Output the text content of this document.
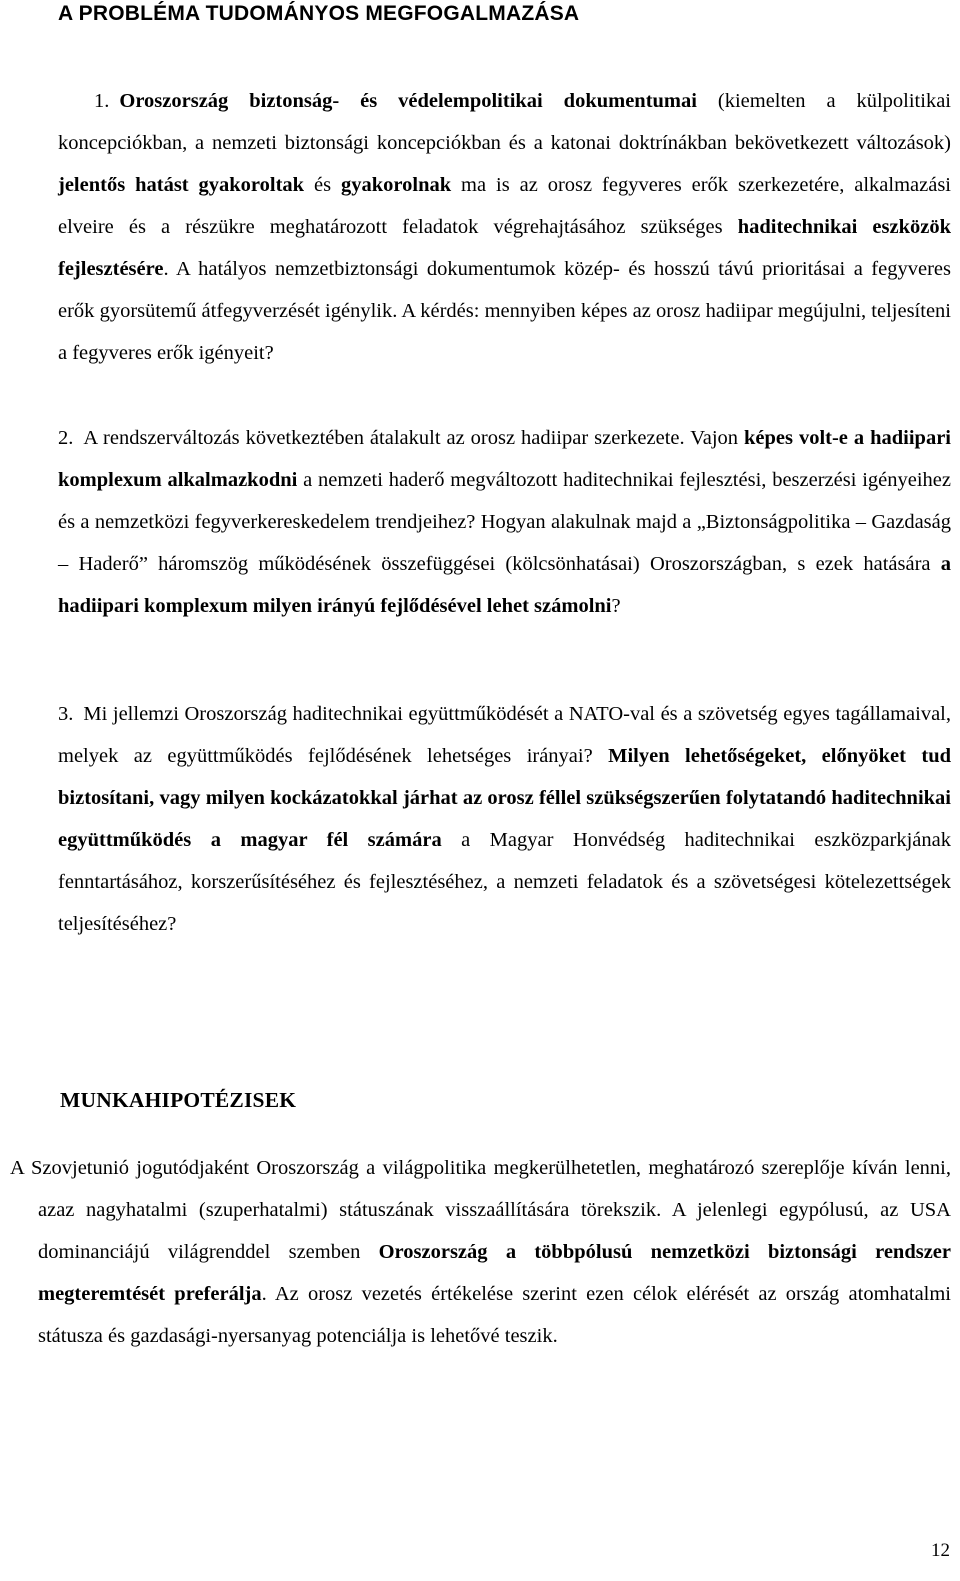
A PROBLÉMA TUDOMÁNYOS MEGFOGALMAZÁSA
1. Oroszország biztonság- és védelempolitikai dokumentumai (kiemelten a külpolitikai koncepciókban, a nemzeti biztonsági koncepciókban és a katonai doktrínákban bekövetkezett változások) jelentős hatást gyakoroltak és gyakorolnak ma is az orosz fegyveres erők szerkezetére, alkalmazási elveire és a részükre meghatározott feladatok végrehajtásához szükséges haditechnikai eszközök fejlesztésére. A hatályos nemzetbiztonsági dokumentumok közép- és hosszú távú prioritásai a fegyveres erők gyorsütemű átfegyverzését igénylik. A kérdés: mennyiben képes az orosz hadiipar megújulni, teljesíteni a fegyveres erők igényeit?
2. A rendszerváltozás következtében átalakult az orosz hadiipar szerkezete. Vajon képes volt-e a hadiipari komplexum alkalmazkodni a nemzeti haderő megváltozott haditechnikai fejlesztési, beszerzési igényeihez és a nemzetközi fegyverkereskedelem trendjeihez? Hogyan alakulnak majd a „Biztonságpolitika – Gazdaság – Haderő” háromszög működésének összefüggései (kölcsönhatásai) Oroszországban, s ezek hatására a hadiipari komplexum milyen irányú fejlődésével lehet számolni?
3. Mi jellemzi Oroszország haditechnikai együttműködését a NATO-val és a szövetség egyes tagállamaival, melyek az együttműködés fejlődésének lehetséges irányai? Milyen lehetőségeket, előnyöket tud biztosítani, vagy milyen kockázatokkal járhat az orosz féllel szükségszerűen folytatandó haditechnikai együttműködés a magyar fél számára a Magyar Honvédség haditechnikai eszközparkjának fenntartásához, korszerűsítéséhez és fejlesztéséhez, a nemzeti feladatok és a szövetségesi kötelezettségek teljesítéséhez?
MUNKAHIPOTÉZISEK
A Szovjetunió jogutódjaként Oroszország a világpolitika megkerülhetetlen, meghatározó szereplője kíván lenni, azaz nagyhatalmi (szuperhatalmi) státuszának visszaállítására törekszik. A jelenlegi egypólusú, az USA dominanciájú világrenddel szemben Oroszország a többpólusú nemzetközi biztonsági rendszer megteremtését preferálja. Az orosz vezetés értékelése szerint ezen célok elérését az ország atomhatalmi státusza és gazdasági-nyersanyag potenciálja is lehetővé teszik.
12
